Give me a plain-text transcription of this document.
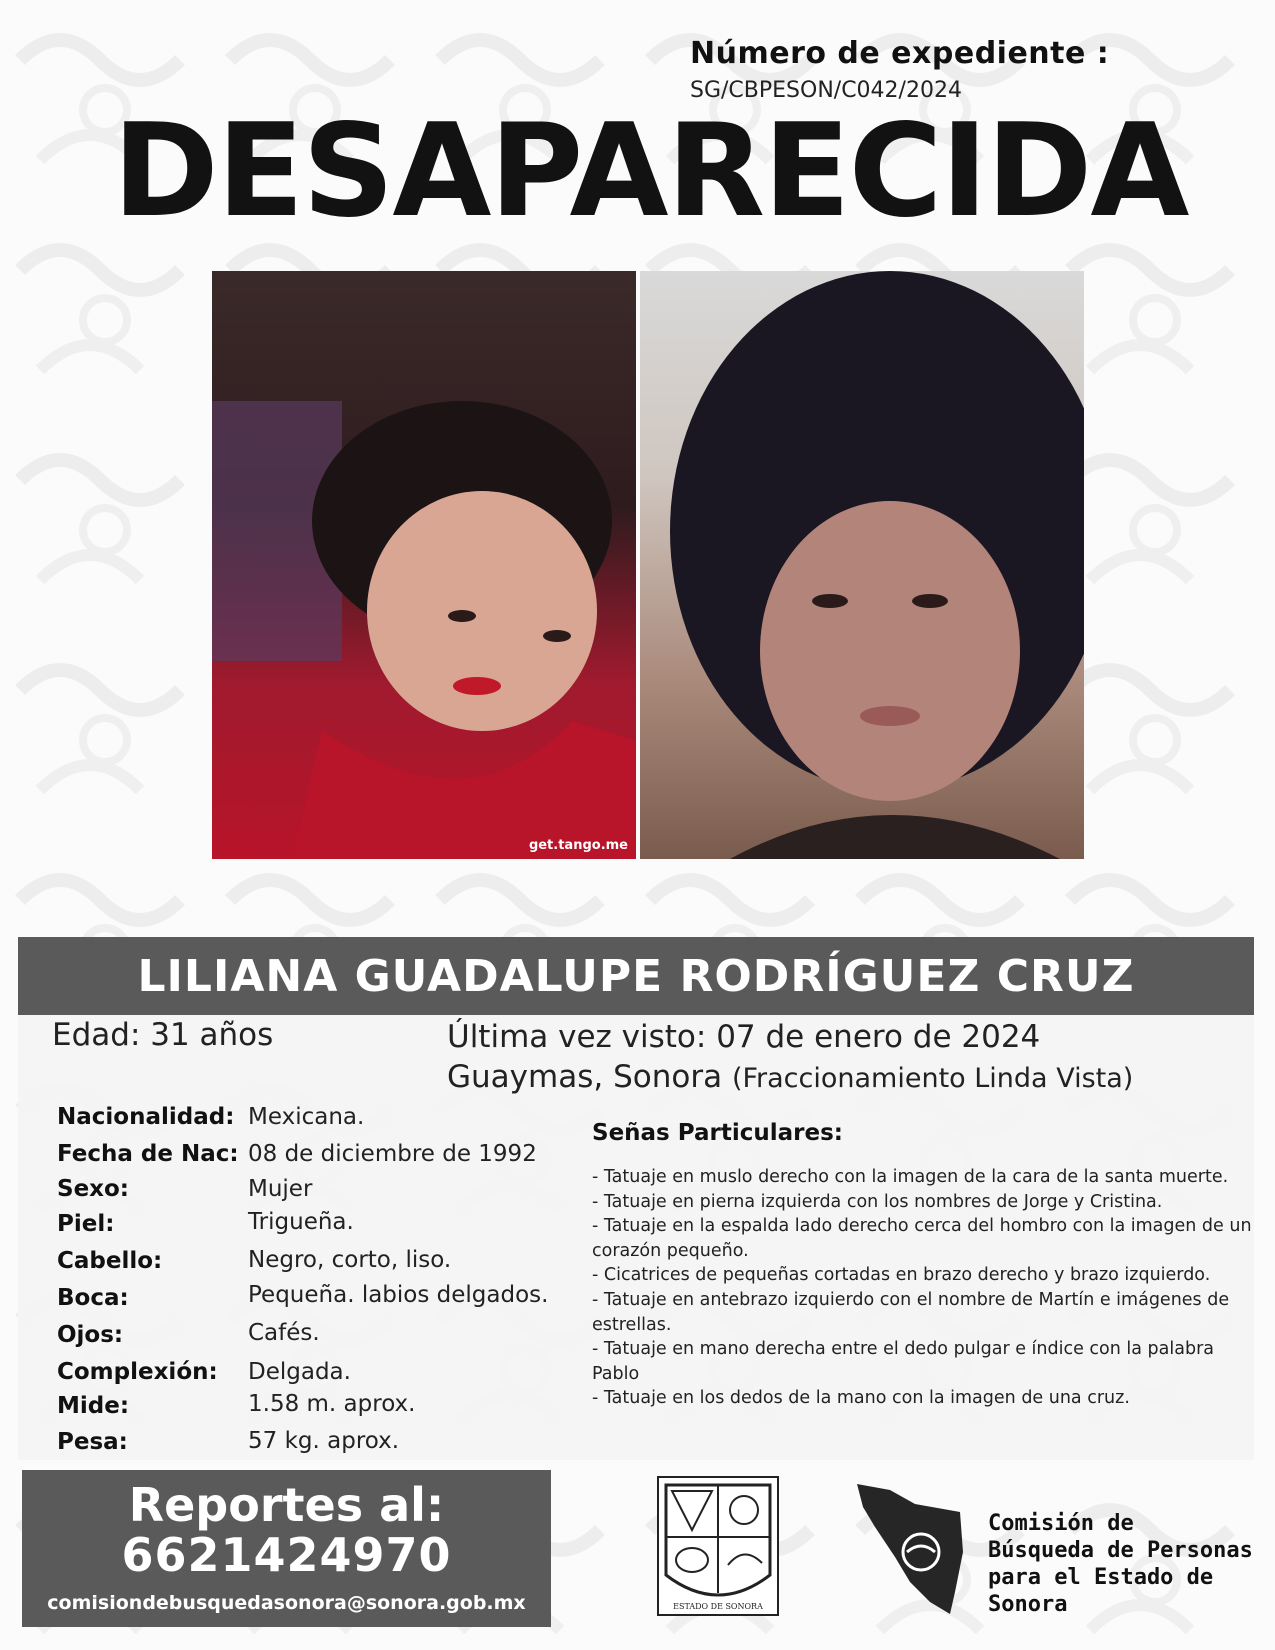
Número de expediente :
SG/CBPESON/C042/2024
DESAPARECIDA
get.tango.me
LILIANA GUADALUPE RODRÍGUEZ CRUZ
Edad: 31 años	Última vez visto: 07 de enero de 2024
Guaymas, Sonora (Fraccionamiento Linda Vista)
Nacionalidad: Mexicana.
Fecha de Nac: 08 de diciembre de 1992
Sexo:	Mujer
Piel:	Trigueña.
Cabello:	Negro, corto, liso.
Boca:	Pequeña. labios delgados.
Ojos:	Cafés.
Complexión: Delgada.
Mide:	1.58 m. aprox.
Pesa:	57 kg. aprox.
Señas Particulares:
- Tatuaje en muslo derecho con la imagen de la cara de la santa muerte.
- Tatuaje en pierna izquierda con los nombres de Jorge y Cristina.
- Tatuaje en la espalda lado derecho cerca del hombro con la imagen de un corazón pequeño.
- Cicatrices de pequeñas cortadas en brazo derecho y brazo izquierdo.
- Tatuaje en antebrazo izquierdo con el nombre de Martín e imágenes de estrellas.
- Tatuaje en mano derecha entre el dedo pulgar e índice con la palabra Pablo
- Tatuaje en los dedos de la mano con la imagen de una cruz.
Reportes al:
6621424970
comisiondebusquedasonora@sonora.gob.mx	ESTADO DE SONORA
Comisión de
Búsqueda de Personas
para el Estado de Sonora
